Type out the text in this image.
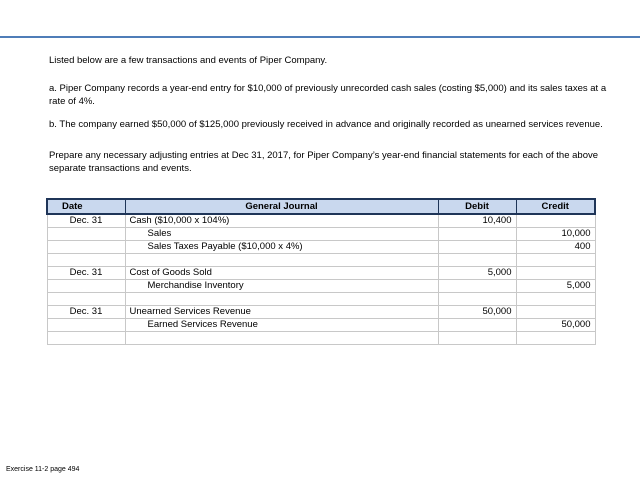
Listed below are a few transactions and events of Piper Company.
a. Piper Company records a year-end entry for $10,000 of previously unrecorded cash sales (costing $5,000) and its sales taxes at a rate of 4%.
b. The company earned $50,000 of $125,000 previously received in advance and originally recorded as unearned services revenue.
Prepare any necessary adjusting entries at Dec 31, 2017, for Piper Company’s year-end financial statements for each of the above separate transactions and events.
Date	General Journal	Debit	Credit
Dec. 31	Cash ($10,000 x 104%)	10,400	
	Sales		10,000
	Sales Taxes Payable ($10,000 x 4%)		400

Dec. 31	Cost of Goods Sold	5,000	
	Merchandise Inventory		5,000

Dec. 31	Unearned Services Revenue	50,000	
	Earned Services Revenue		50,000

Exercise 11-2 page 494
